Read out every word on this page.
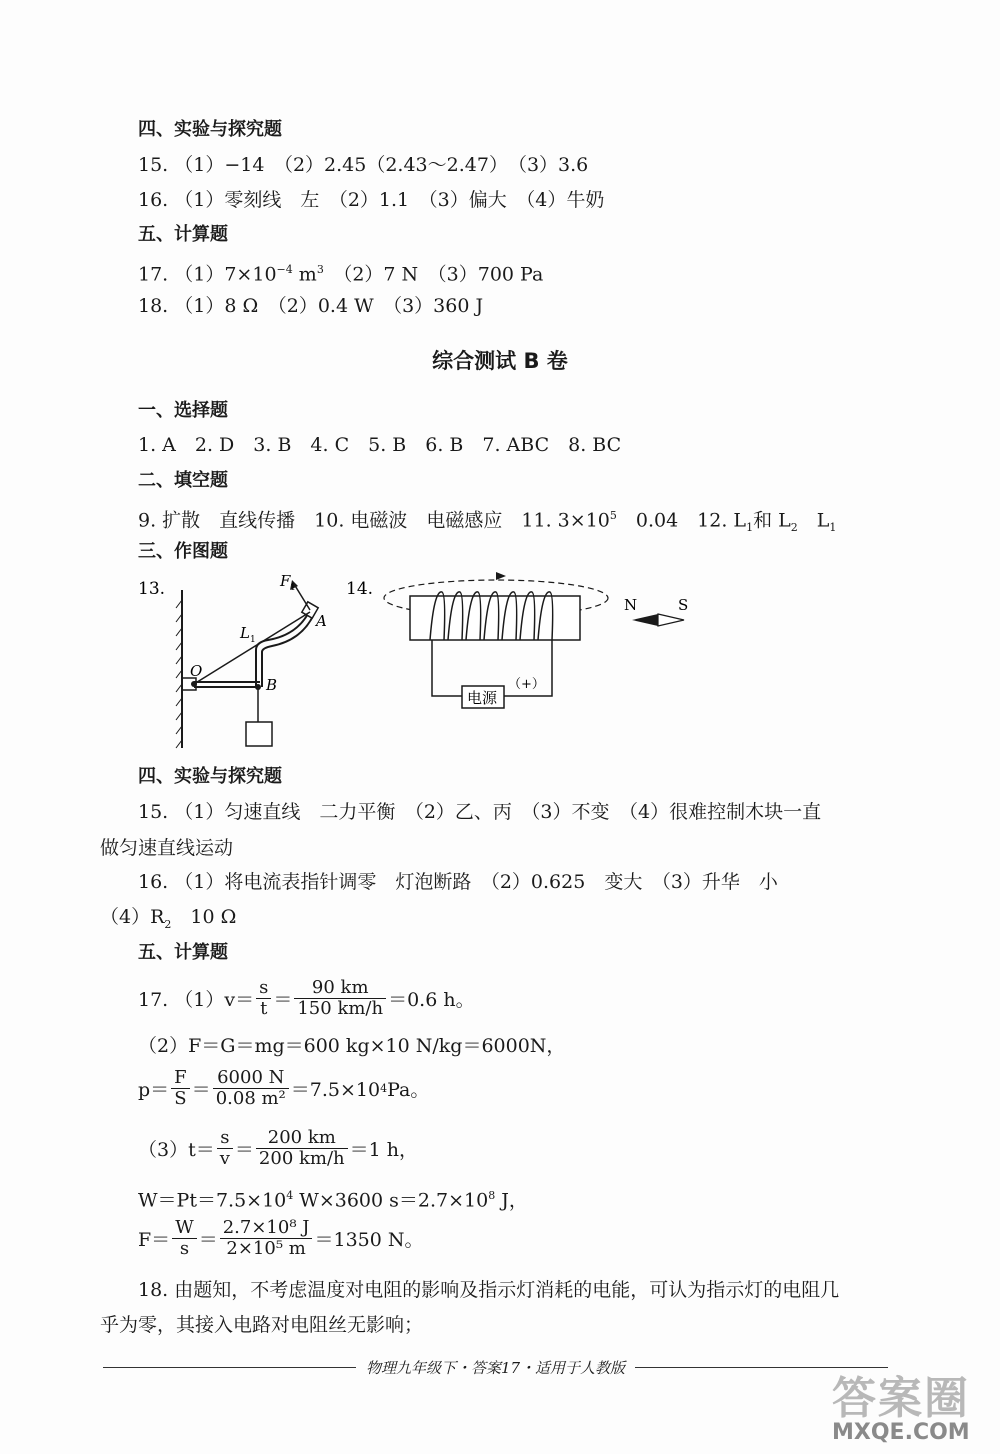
四、实验与探究题
15. （1）−14　（2）2.45（2.43～2.47）　（3）3.6
16. （1）零刻线　左　（2）1.1　（3）偏大　（4）牛奶
五、计算题
17. $(1)7\times 10^{-4}$ $m^3$　（2）7 N　（3）700 Pa
18. （1）8 Ω　（2）0.4 W　（3）360 J
综合测试 B 卷
一、选择题
1. A　2. D　3. B　4. C　5. B　6. B　7. ABC　8. BC
二、填空题
9. 扩散　直线传播　10. 电磁波　电磁感应　11. $3\times 10^5$　0.04　12. $L_1$和 $L_2$　$L_1$
三、作图题
13.	F 1
L 1
A
O
B
14.
电源
（+）
N	S
四、实验与探究题
15. （1）匀速直线　二力平衡　（2）乙、丙　（3）不变　（4）很难控制木块一直
做匀速直线运动
16. （1）将电流表指针调零　灯泡断路　（2）0.625　变大　（3）升华　小
$(4)R_2$　10 Ω
五、计算题
17. $(1)v= \frac{s}{t} = \frac{90 km}{150 km/h} =0.6$ h。
（2）F＝G＝mg＝600 kg×10 N/kg＝6000N，
$p= \frac{F}{S} = \frac{6000 N}{\text{0.08 m²}} =7.5\times 10$ 4 Pa。
$(3)t= \frac{s}{v} = \frac{200 km}{200 km/h} =1$ h，
$W=Pt=7.5\times 10^4$ W×3600 $s=2.7\times 10^8$ J，
$F= \frac{W}{s} = \frac{\text{2.7×10⁸ J}}{\text{2×10⁵ m}} =1350$ N。
18. 由题知，不考虑温度对电阻的影响及指示灯消耗的电能，可认为指示灯的电阻几
乎为零，其接入电路对电阻丝无影响；
物理九年级下・答案17・适用于人教版
答案圈
MXQE.COM
